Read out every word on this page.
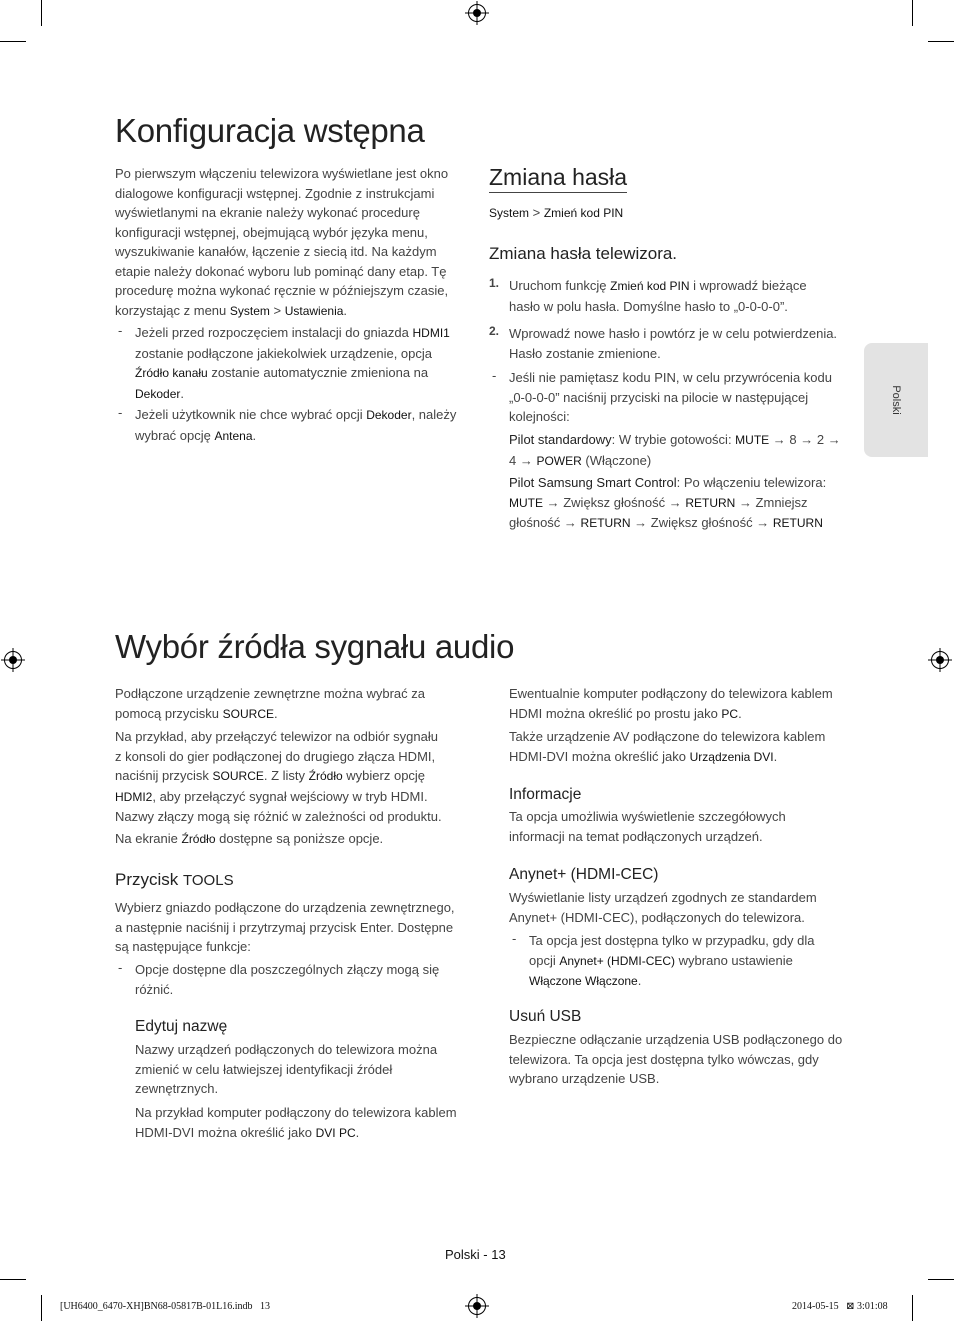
Polski
Konfiguracja wstępna

Po pierwszym włączeniu telewizora wyświetlane jest okno dialogowe konfiguracji wstępnej. Zgodnie z instrukcjami wyświetlanymi na ekranie należy wykonać procedurę konfiguracji wstępnej, obejmującą wybór języka menu, wyszukiwanie kanałów, łączenie z siecią itd. Na każdym etapie należy dokonać wyboru lub pominąć dany etap. Tę procedurę można wykonać ręcznie w późniejszym czasie, korzystając z menu System > Ustawienia.

- Jeżeli przed rozpoczęciem instalacji do gniazda HDMI1 zostanie podłączone jakiekolwiek urządzenie, opcja Źródło kanału zostanie automatycznie zmieniona na Dekoder.

- Jeżeli użytkownik nie chce wybrać opcji Dekoder, należy wybrać opcję Antena.

Zmiana hasła

System > Zmień kod PIN

Zmiana hasła telewizora.
1. Uruchom funkcję Zmień kod PIN i wprowadź bieżące hasło w polu hasła. Domyślne hasło to „0-0-0-0”.

2. Wprowadź nowe hasło i powtórz je w celu potwierdzenia. Hasło zostanie zmienione.

- Jeśli nie pamiętasz kodu PIN, w celu przywrócenia kodu „0-0-0-0” naciśnij przyciski na pilocie w następującej kolejności:

Pilot standardowy: W trybie gotowości: MUTE → 8 → 2 → 4 → POWER (Włączone)

Pilot Samsung Smart Control: Po włączeniu telewizora: MUTE → Zwiększ głośność → RETURN → Zmniejsz głośność → RETURN → Zwiększ głośność → RETURN

Wybór źródła sygnału audio

Podłączone urządzenie zewnętrzne można wybrać za pomocą przycisku SOURCE.

Na przykład, aby przełączyć telewizor na odbiór sygnału z konsoli do gier podłączonej do drugiego złącza HDMI, naciśnij przycisk SOURCE. Z listy Źródło wybierz opcję HDMI2, aby przełączyć sygnał wejściowy w tryb HDMI. Nazwy złączy mogą się różnić w zależności od produktu.

Na ekranie Źródło dostępne są poniższe opcje.

Przycisk TOOLS

Wybierz gniazdo podłączone do urządzenia zewnętrznego, a następnie naciśnij i przytrzymaj przycisk Enter. Dostępne są następujące funkcje:

- Opcje dostępne dla poszczególnych złączy mogą się różnić.

Edytuj nazwę

Nazwy urządzeń podłączonych do telewizora można zmienić w celu łatwiejszej identyfikacji źródeł zewnętrznych.

Na przykład komputer podłączony do telewizora kablem HDMI-DVI można określić jako DVI PC.

Ewentualnie komputer podłączony do telewizora kablem HDMI można określić po prostu jako PC.

Także urządzenie AV podłączone do telewizora kablem HDMI-DVI można określić jako Urządzenia DVI.

Informacje

Ta opcja umożliwia wyświetlenie szczegółowych informacji na temat podłączonych urządzeń.

Anynet+ (HDMI-CEC)

Wyświetlanie listy urządzeń zgodnych ze standardem Anynet+ (HDMI-CEC), podłączonych do telewizora.

- Ta opcja jest dostępna tylko w przypadku, gdy dla opcji Anynet+ (HDMI-CEC) wybrano ustawienie Włączone Włączone.

Usuń USB

Bezpieczne odłączanie urządzenia USB podłączonego do telewizora. Ta opcja jest dostępna tylko wówczas, gdy wybrano urządzenie USB.

Polski - 13
[UH6400_6470-XH]BN68-05817B-01L16.indb   13	2014-05-15   ⊠ 3:01:08
